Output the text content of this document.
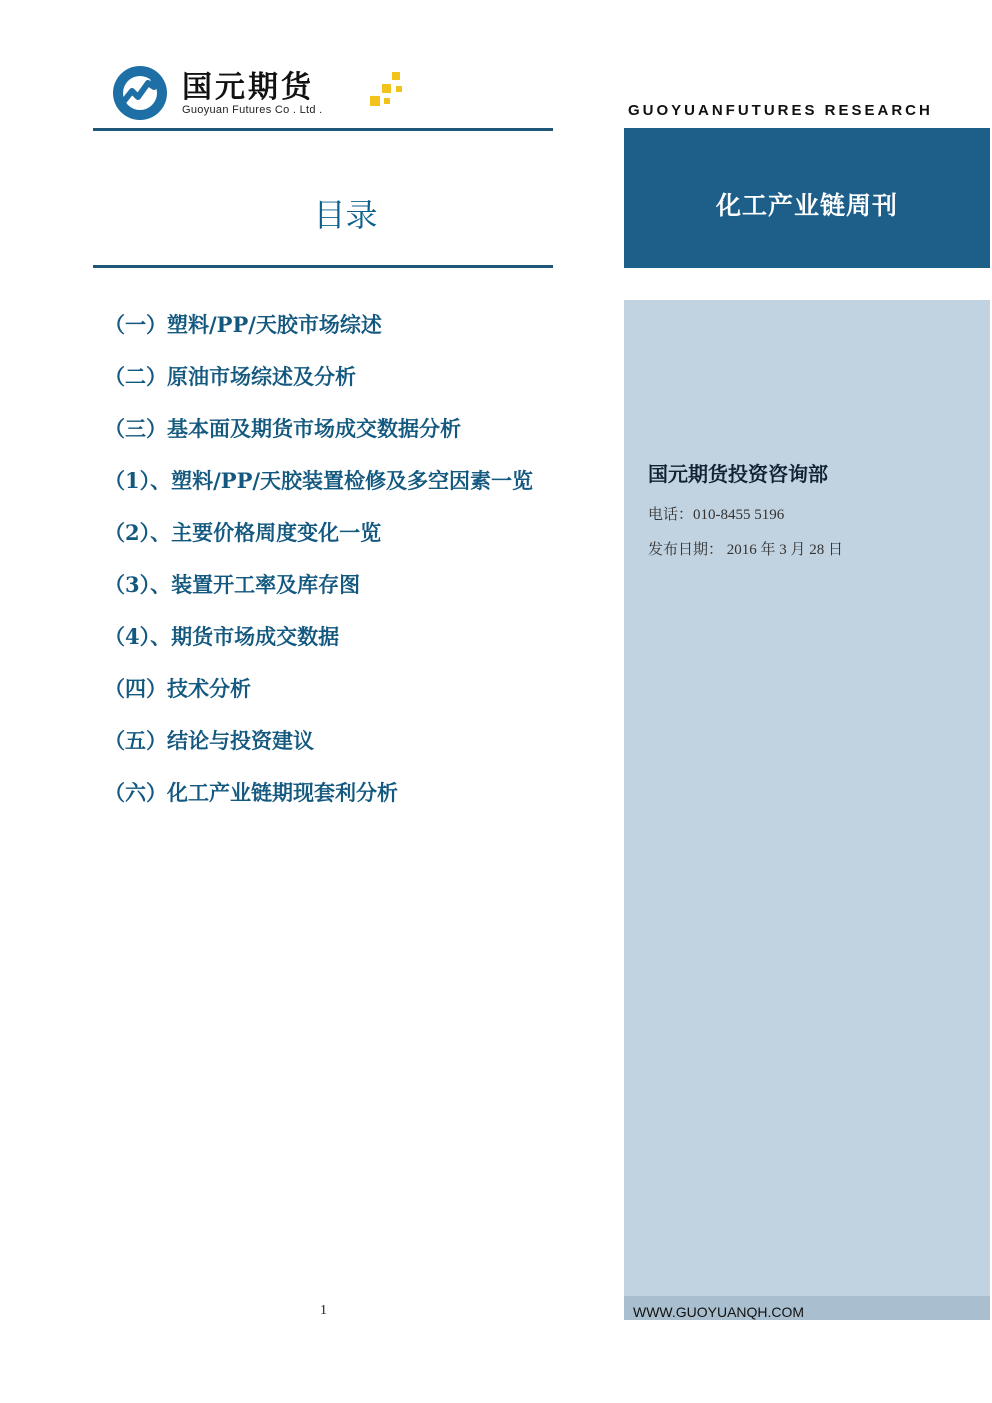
国元期货
Guoyuan Futures Co . Ltd .	GUOYUANFUTURES RESEARCH
目录
（一）塑料/PP/天胶市场综述
（二）原油市场综述及分析
（三）基本面及期货市场成交数据分析
（1）、塑料/PP/天胶装置检修及多空因素一览
（2）、主要价格周度变化一览
（3）、装置开工率及库存图
（4）、期货市场成交数据
（四）技术分析
（五）结论与投资建议
（六）化工产业链期现套利分析
化工产业链周刊
国元期货投资咨询部
电话：010-8455 5196
发布日期： 2016 年 3 月 28 日
WWW.GUOYUANQH.COM
1
